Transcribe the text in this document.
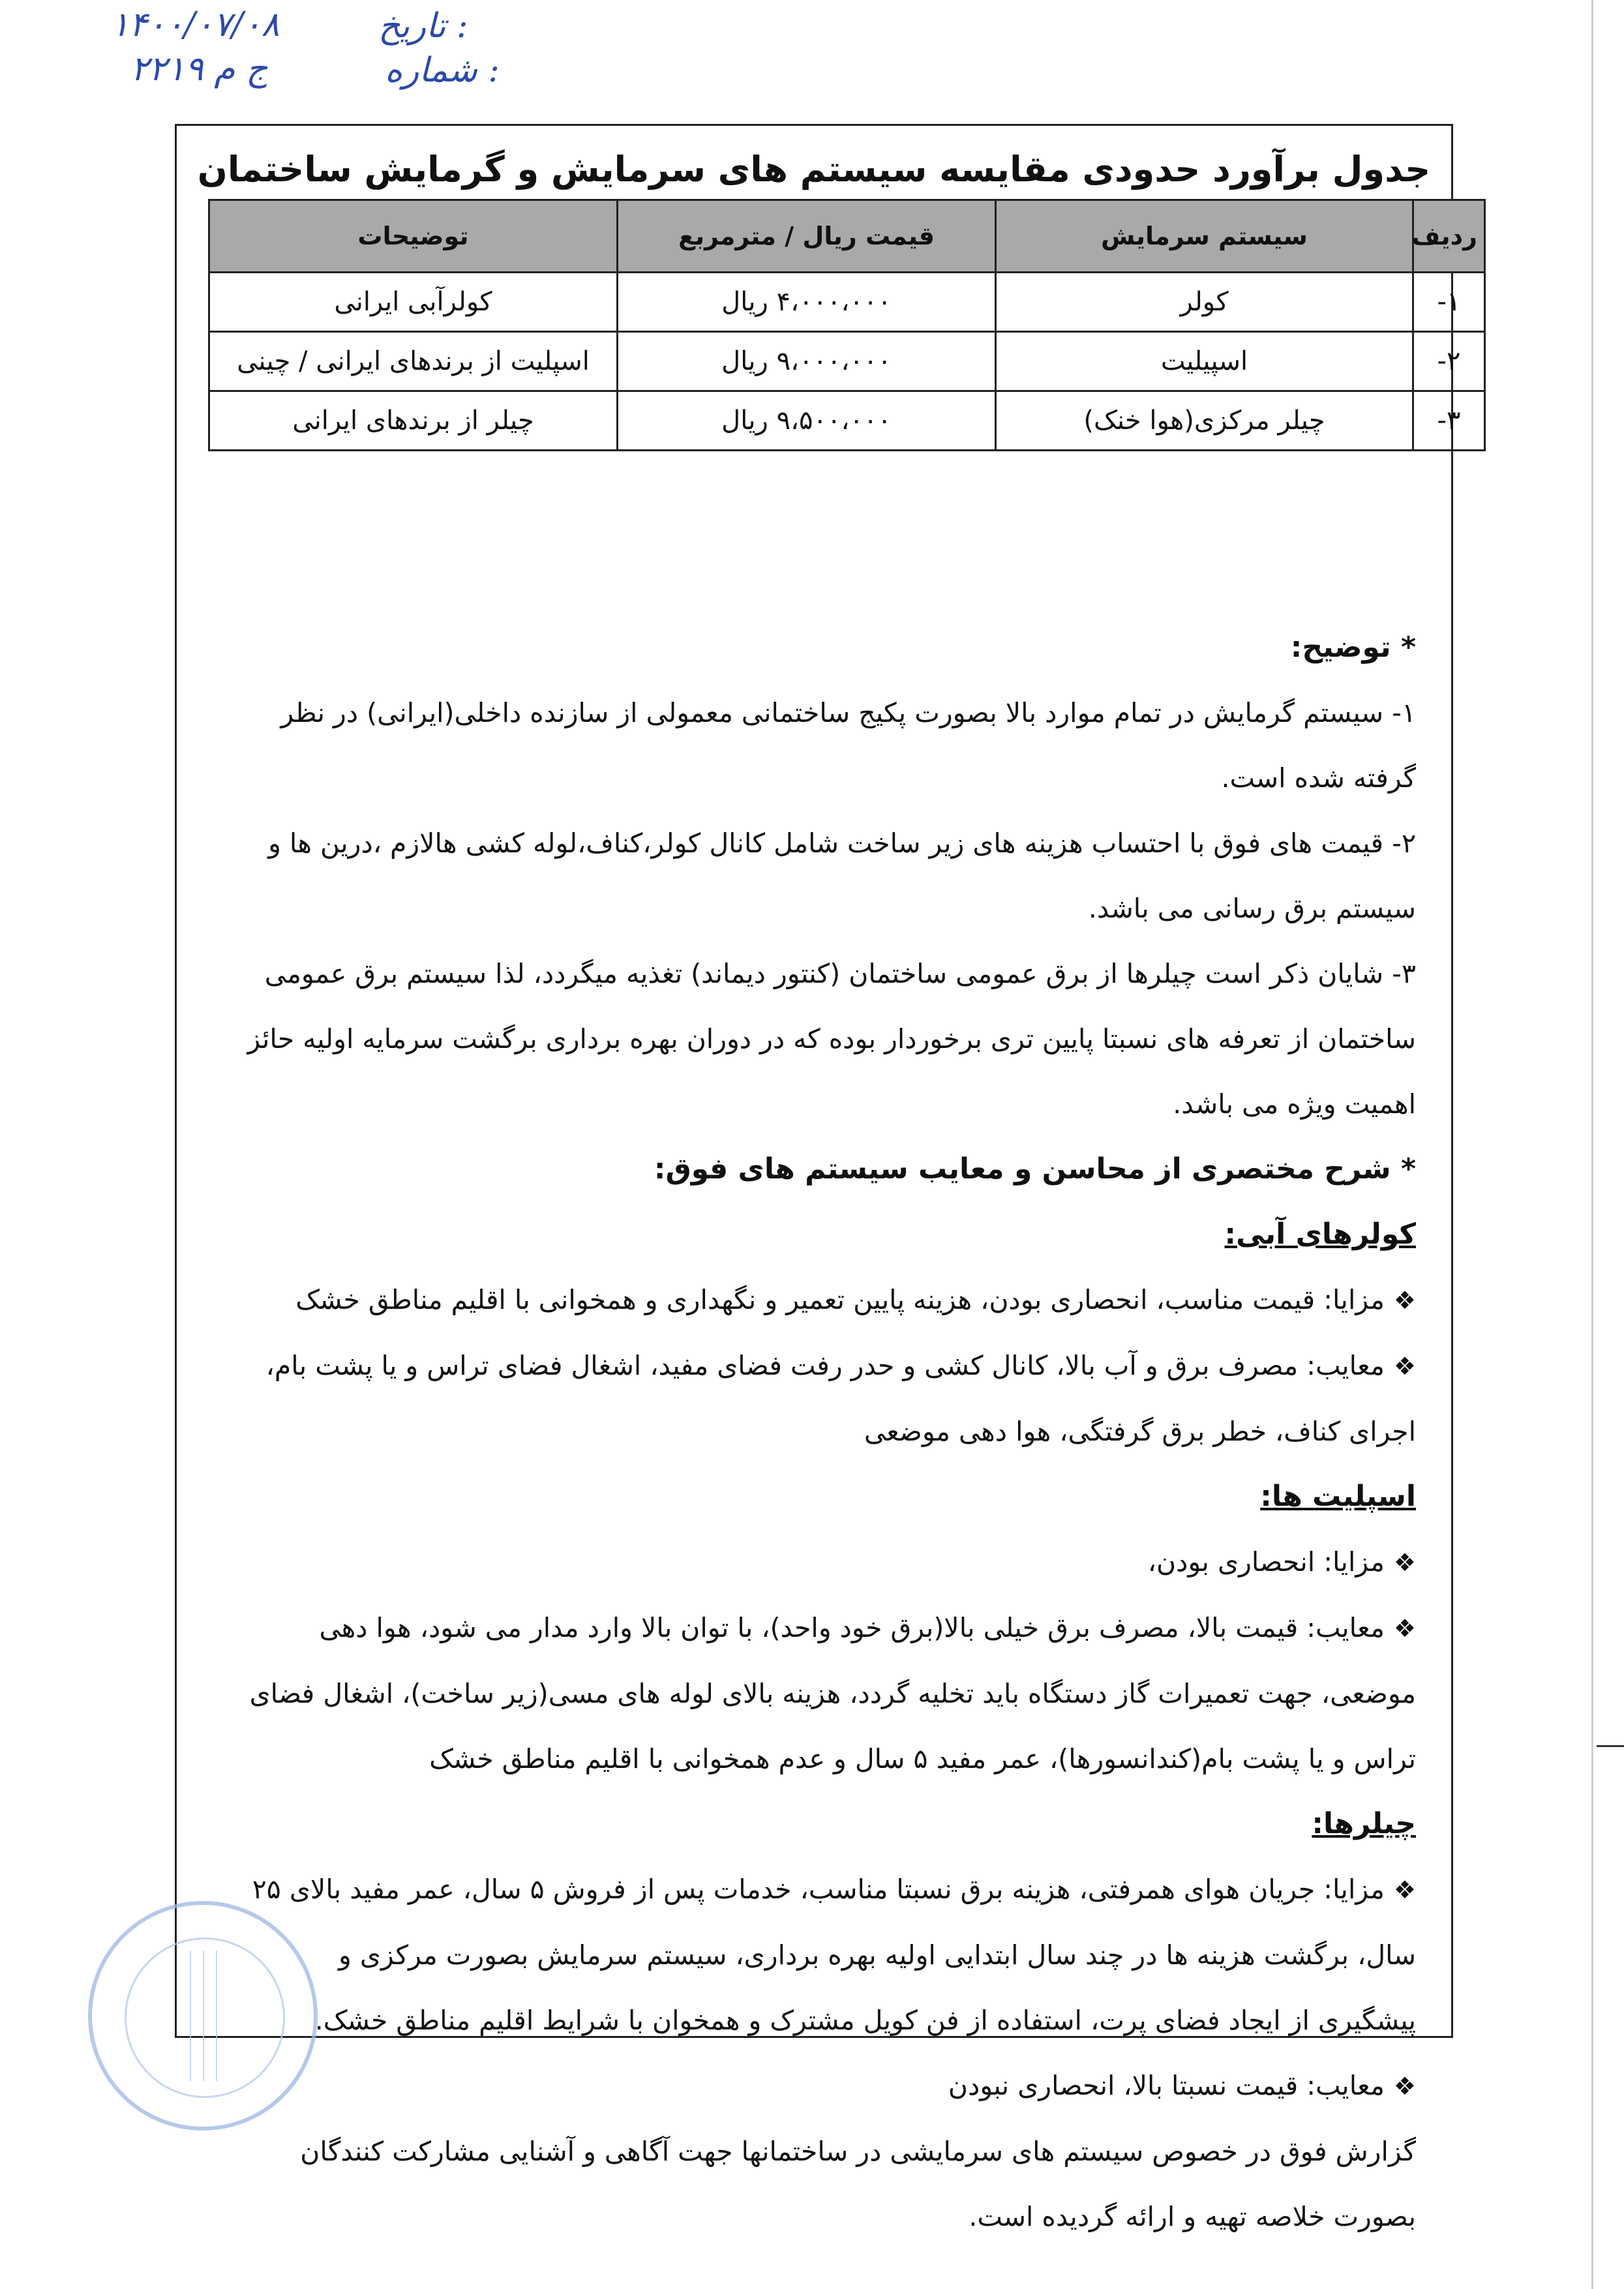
تاریخ :
۱۴۰۰/۰۷/۰۸
شماره :
۲۲۱۹ ج م
جدول برآورد حدودی مقایسه سیستم های سرمایش و گرمایش ساختمان
ردیف	سیستم سرمایش	قیمت ریال / مترمربع	توضیحات
۱-	کولر	۴،۰۰۰،۰۰۰ ریال	کولرآبی ایرانی
۲-	اسپیلیت	۹،۰۰۰،۰۰۰ ریال	اسپلیت از برندهای ایرانی / چینی
۳-	چیلر مرکزی(هوا خنک)	۹،۵۰۰،۰۰۰ ریال	چیلر از برندهای ایرانی
* توضیح:
۱- سیستم گرمایش در تمام موارد بالا بصورت پکیج ساختمانی معمولی از سازنده داخلی(ایرانی) در نظر گرفته شده است.
۲- قیمت های فوق با احتساب هزینه های زیر ساخت شامل کانال کولر،کناف،لوله کشی هالازم ،درین ها و سیستم برق رسانی می باشد.
۳- شایان ذکر است چیلرها از برق عمومی ساختمان (کنتور دیماند) تغذیه میگردد، لذا سیستم برق عمومی ساختمان از تعرفه های نسبتا پایین تری برخوردار بوده که در دوران بهره برداری برگشت سرمایه اولیه حائز اهمیت ویژه می باشد.
* شرح مختصری از محاسن و معایب سیستم های فوق:
کولرهای آبی:
❖مزایا: قیمت مناسب، انحصاری بودن، هزینه پایین تعمیر و نگهداری و همخوانی با اقلیم مناطق خشک
❖معایب: مصرف برق و آب بالا، کانال کشی و حدر رفت فضای مفید، اشغال فضای تراس و یا پشت بام، اجرای کناف، خطر برق گرفتگی، هوا دهی موضعی
اسپلیت ها:
❖مزایا: انحصاری بودن،
❖معایب: قیمت بالا، مصرف برق خیلی بالا(برق خود واحد)، با توان بالا وارد مدار می شود، هوا دهی موضعی، جهت تعمیرات گاز دستگاه باید تخلیه گردد، هزینه بالای لوله های مسی(زیر ساخت)، اشغال فضای تراس و یا پشت بام(کندانسورها)، عمر مفید ۵ سال و عدم همخوانی با اقلیم مناطق خشک
چیلرها:
❖مزایا: جریان هوای همرفتی، هزینه برق نسبتا مناسب، خدمات پس از فروش ۵ سال، عمر مفید بالای ۲۵ سال، برگشت هزینه ها در چند سال ابتدایی اولیه بهره برداری، سیستم سرمایش بصورت مرکزی و پیشگیری از ایجاد فضای پرت، استفاده از فن کویل مشترک و همخوان با شرایط اقلیم مناطق خشک.
❖معایب: قیمت نسبتا بالا، انحصاری نبودن
گزارش فوق در خصوص سیستم های سرمایشی در ساختمانها جهت آگاهی و آشنایی مشارکت کنندگان بصورت خلاصه تهیه و ارائه گردیده است.
